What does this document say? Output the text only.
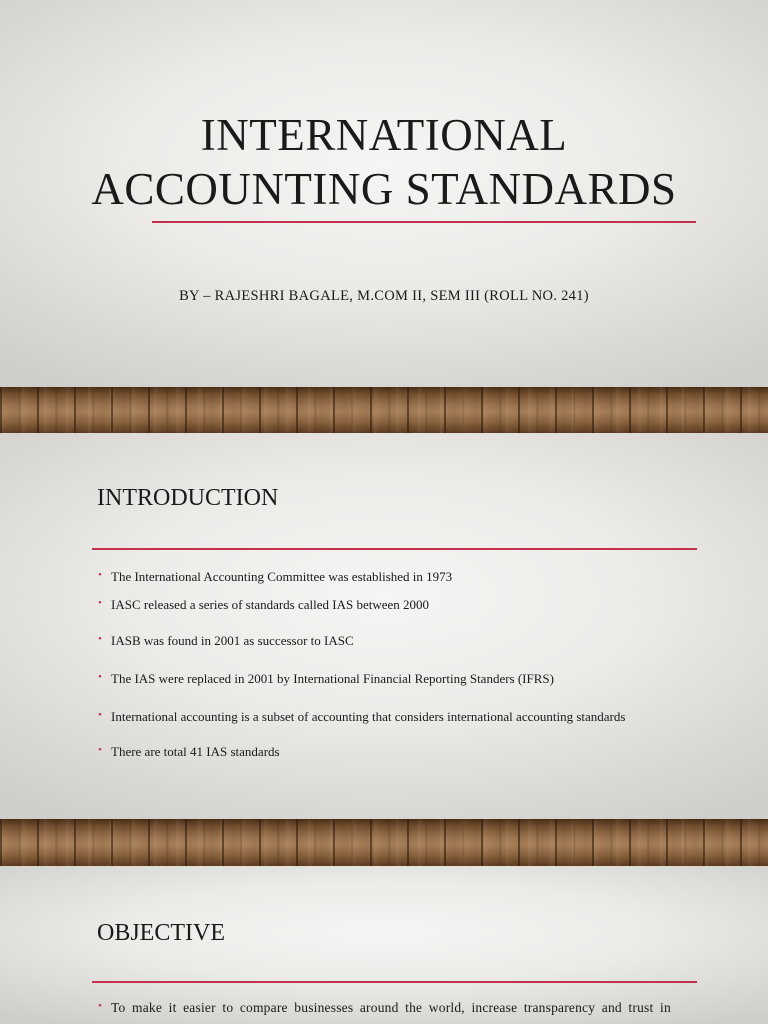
INTERNATIONAL
ACCOUNTING STANDARDS
BY – RAJESHRI BAGALE, M.COM II, SEM III (ROLL NO. 241)
INTRODUCTION
• The International Accounting Committee was established in 1973
• IASC released a series of standards called IAS between 2000
• IASB was found in 2001 as successor to IASC
• The IAS were replaced in 2001 by International Financial Reporting Standers (IFRS)
• International accounting is a subset of accounting that considers international accounting standards
• There are total 41 IAS standards
OBJECTIVE

• To make it easier to compare businesses around the world, increase transparency and trust in
